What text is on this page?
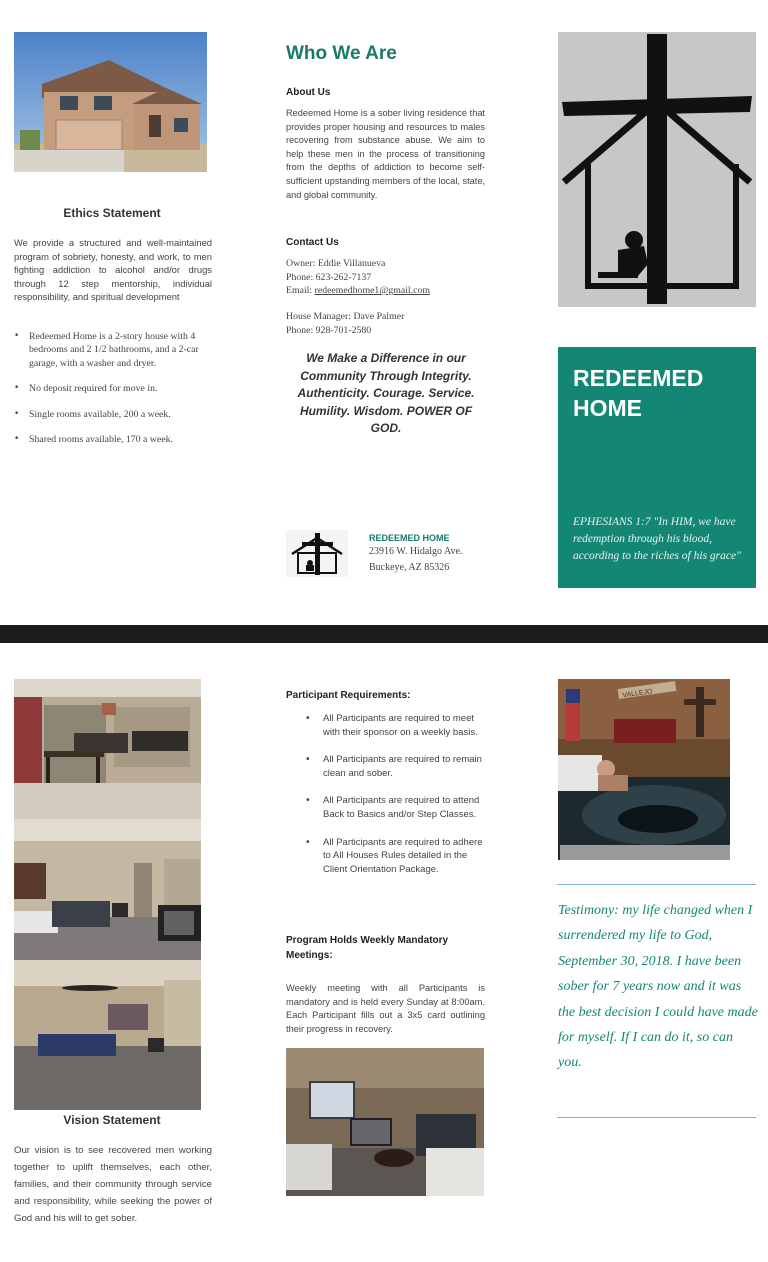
Ethics Statement
We provide a structured and well-maintained program of sobriety, honesty, and work, to men fighting addiction to alcohol and/or drugs through 12 step mentorship, individual responsibility, and spiritual development
• Redeemed Home is a 2-story house with 4 bedrooms and 2 1/2 bathrooms, and a 2-car garage, with a washer and dryer.
• No deposit required for move in.
• Single rooms available, 200 a week.
• Shared rooms available, 170 a week.
Who We Are
About Us
Redeemed Home is a sober living residence that provides proper housing and resources to males recovering from substance abuse. We aim to help these men in the process of transitioning from the depths of addiction to become self-sufficient upstanding members of the local, state, and global community.
Contact Us
Owner: Eddie Villanueva
Phone: 623-262-7137
Email: redeemedhome1@gmail.com
House Manager: Dave Palmer
Phone: 928-701-2580
We Make a Difference in our Community Through Integrity. Authenticity. Courage. Service. Humility. Wisdom. POWER OF GOD.
REDEEMED HOME
23916 W. Hidalgo Ave.
Buckeye, AZ 85326
REDEEMED
HOME
EPHESIANS 1:7 "In HIM, we have redemption through his blood, according to the riches of his grace"
Vision Statement
Our vision is to see recovered men working together to uplift themselves, each other, families, and their community through service and responsibility, while seeking the power of God and his will to get sober.
Participant Requirements:
• All Participants are required to meet with their sponsor on a weekly basis.
• All Participants are required to remain clean and sober.
• All Participants are required to attend Back to Basics and/or Step Classes.
• All Participants are required to adhere to All Houses Rules detailed in the Client Orientation Package.
Program Holds Weekly Mandatory Meetings:
Weekly meeting with all Participants is mandatory and is held every Sunday at 8:00am. Each Participant fills out a 3x5 card outlining their progress in recovery.
VALLEJO
Testimony: my life changed when I surrendered my life to God, September 30, 2018. I have been sober for 7 years now and it was the best decision I could have made for myself. If I can do it, so can you.
